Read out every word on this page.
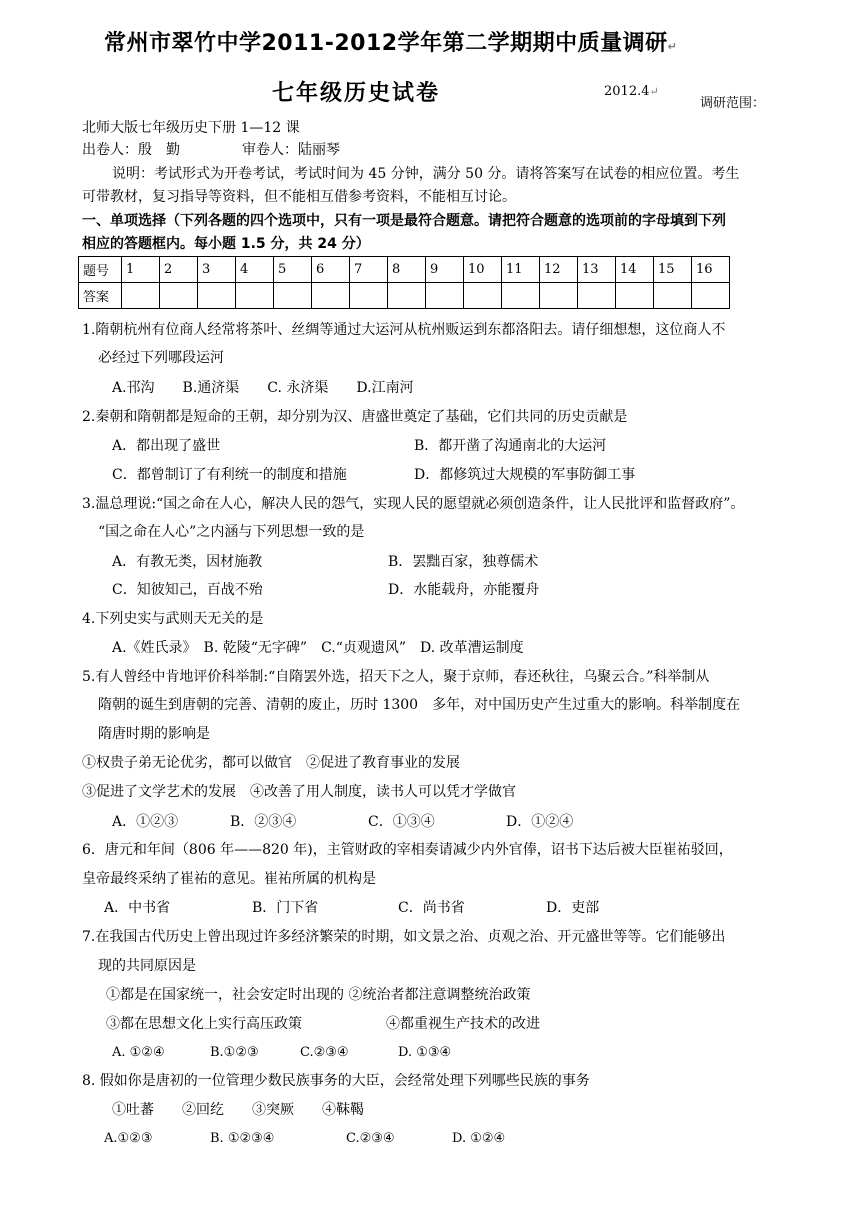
常州市翠竹中学2011-2012学年第二学期期中质量调研↵
七年级历史试卷	2012.4↵
调研范围：
北师大版七年级历史下册 1—12 课
出卷人：殷　勤	审卷人：陆丽琴
说明：考试形式为开卷考试，考试时间为 45 分钟，满分 50 分。请将答案写在试卷的相应位置。考生
可带教材，复习指导等资料，但不能相互借参考资料，不能相互讨论。
一、单项选择（下列各题的四个选项中，只有一项是最符合题意。请把符合题意的选项前的字母填到下列
相应的答题框内。每小题 1.5 分，共 24 分）
题号	1	2	3	4	5	6	7	8	9	10	11	12	13	14	15	16
答案																
1.隋朝杭州有位商人经常将茶叶、丝绸等通过大运河从杭州贩运到东都洛阳去。请仔细想想，这位商人不
必经过下列哪段运河
A.邗沟　　B.通济渠　　C. 永济渠　　D.江南河
2.秦朝和隋朝都是短命的王朝，却分别为汉、唐盛世奠定了基础，它们共同的历史贡献是
A．都出现了盛世	B．都开凿了沟通南北的大运河
C．都曾制订了有利统一的制度和措施	D．都修筑过大规模的军事防御工事
3.温总理说:“国之命在人心，解决人民的怨气，实现人民的愿望就必须创造条件，让人民批评和监督政府”。
“国之命在人心”之内涵与下列思想一致的是
A．有教无类，因材施教	B．罢黜百家，独尊儒术
C．知彼知己，百战不殆	D．水能载舟，亦能覆舟
4.下列史实与武则天无关的是
A.《姓氏录》　B. 乾陵“无字碑”　C.“贞观遗风”　D. 改革漕运制度
5.有人曾经中肯地评价科举制:“自隋罢外选，招天下之人，聚于京师，春还秋往，乌聚云合。”科举制从
隋朝的诞生到唐朝的完善、清朝的废止，历时 1300　多年，对中国历史产生过重大的影响。科举制度在
隋唐时期的影响是
①权贵子弟无论优劣，都可以做官　②促进了教育事业的发展
③促进了文学艺术的发展　④改善了用人制度，读书人可以凭才学做官
A．①②③	B．②③④	C．①③④	D．①②④
6．唐元和年间（806 年——820 年)，主管财政的宰相奏请减少内外官俸，诏书下达后被大臣崔祐驳回，
皇帝最终采纳了崔祐的意见。崔祐所属的机构是
A．中书省	B．门下省	C．尚书省	D．吏部
7.在我国古代历史上曾出现过许多经济繁荣的时期，如文景之治、贞观之治、开元盛世等等。它们能够出
现的共同原因是
①都是在国家统一，社会安定时出现的 ②统治者都注意调整统治政策
③都在思想文化上实行高压政策	④都重视生产技术的改进
A. ①②④	B.①②③	C.②③④	D. ①③④
8. 假如你是唐初的一位管理少数民族事务的大臣，会经常处理下列哪些民族的事务
①吐蕃　　②回纥　　③突厥　　④靺鞨
A.①②③	B. ①②③④	C.②③④	D. ①②④
